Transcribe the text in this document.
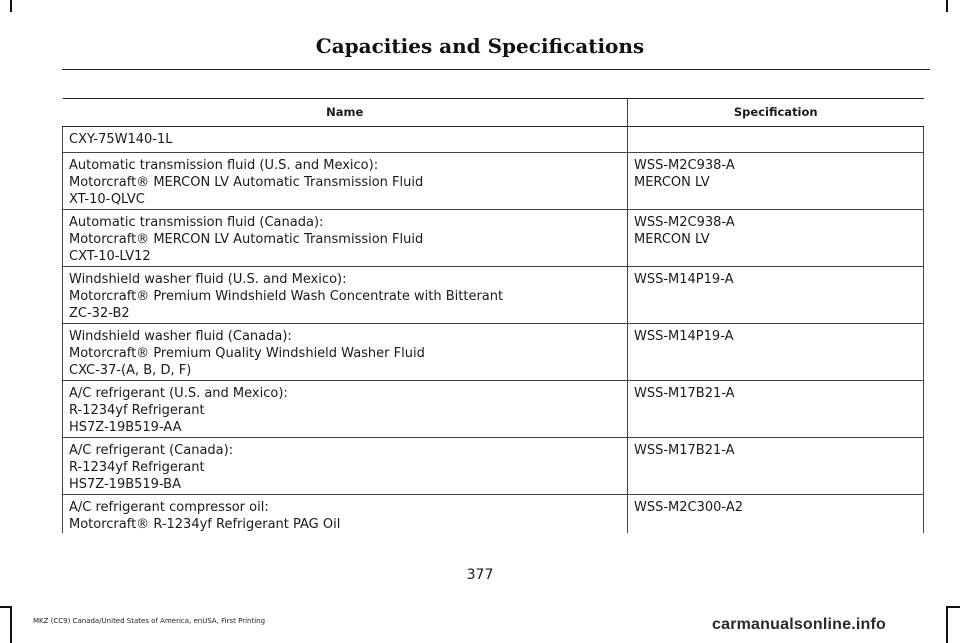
Capacities and Specifications
Name	Specification

CXY-75W140-1L	

Automatic transmission fluid (U.S. and Mexico):
Motorcraft® MERCON LV Automatic Transmission Fluid
XT-10-QLVC	WSS-M2C938-A
MERCON LV

Automatic transmission fluid (Canada):
Motorcraft® MERCON LV Automatic Transmission Fluid
CXT-10-LV12	WSS-M2C938-A
MERCON LV

Windshield washer fluid (U.S. and Mexico):
Motorcraft® Premium Windshield Wash Concentrate with Bitterant
ZC-32-B2	WSS-M14P19-A

Windshield washer fluid (Canada):
Motorcraft® Premium Quality Windshield Washer Fluid
CXC-37-(A, B, D, F)	WSS-M14P19-A

A/C refrigerant (U.S. and Mexico):
R-1234yf Refrigerant
HS7Z-19B519-AA	WSS-M17B21-A

A/C refrigerant (Canada):
R-1234yf Refrigerant
HS7Z-19B519-BA	WSS-M17B21-A

A/C refrigerant compressor oil:
Motorcraft® R-1234yf Refrigerant PAG Oil	WSS-M2C300-A2
377
MKZ (CC9) Canada/United States of America, enUSA, First Printing	carmanualsonline.info
